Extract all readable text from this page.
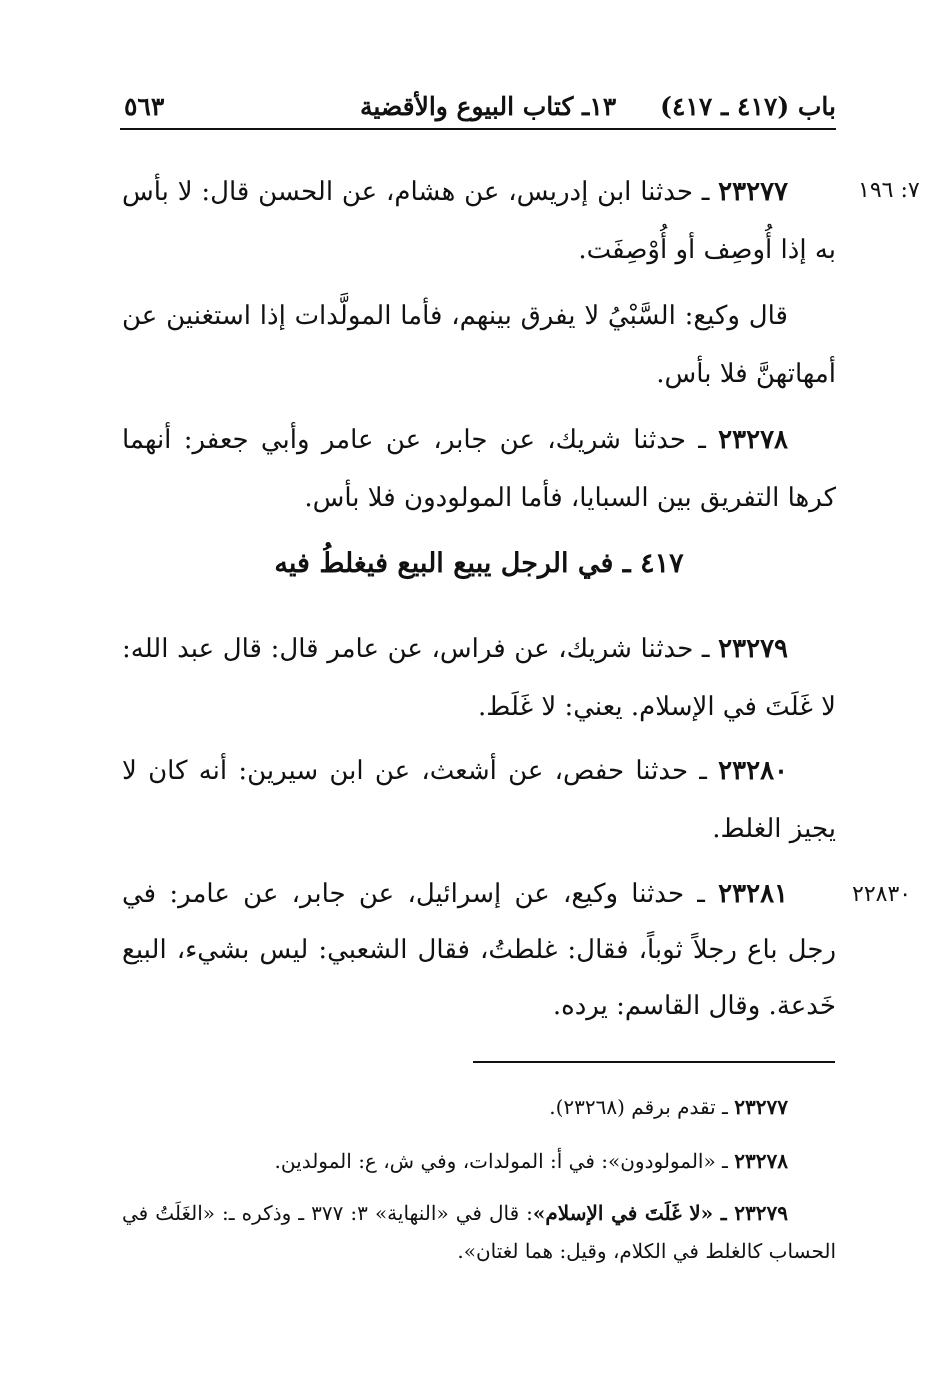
باب (٤١٧ ـ ٤١٧)
١٣ـ كتاب البيوع والأقضية
٥٦٣
٧: ١٩٦
٢٢٨٣٠

٢٣٢٧٧ ـ حدثنا ابن إدريس، عن هشام، عن الحسن قال: لا بأس به إذا أُوصِف أو أُوْصِفَت.

قال وكيع: السَّبْيُ لا يفرق بينهم، فأما المولَّدات إذا استغنين عن أمهاتهنَّ فلا بأس.

٢٣٢٧٨ ـ حدثنا شريك، عن جابر، عن عامر وأبي جعفر: أنهما كرها التفريق بين السبايا، فأما المولودون فلا بأس.

٤١٧ ـ في الرجل يبيع البيع فيغلطُ فيه

٢٣٢٧٩ ـ حدثنا شريك، عن فراس، عن عامر قال: قال عبد الله: لا غَلَتَ في الإسلام. يعني: لا غَلَط.

٢٣٢٨٠ ـ حدثنا حفص، عن أشعث، عن ابن سيرين: أنه كان لا يجيز الغلط.

٢٣٢٨١ ـ حدثنا وكيع، عن إسرائيل، عن جابر، عن عامر: في رجل باع رجلاً ثوباً، فقال: غلطتُ، فقال الشعبي: ليس بشيء، البيع خَدعة. وقال القاسم: يرده.

٢٣٢٧٧ ـ تقدم برقم (٢٣٢٦٨).

٢٣٢٧٨ ـ «المولودون»: في أ: المولدات، وفي ش، ع: المولدين.

٢٣٢٧٩ ـ «لا غَلَتَ في الإسلام»: قال في «النهاية» ٣: ٣٧٧ ـ وذكره ـ: «الغَلَتُ في الحساب كالغلط في الكلام، وقيل: هما لغتان».
